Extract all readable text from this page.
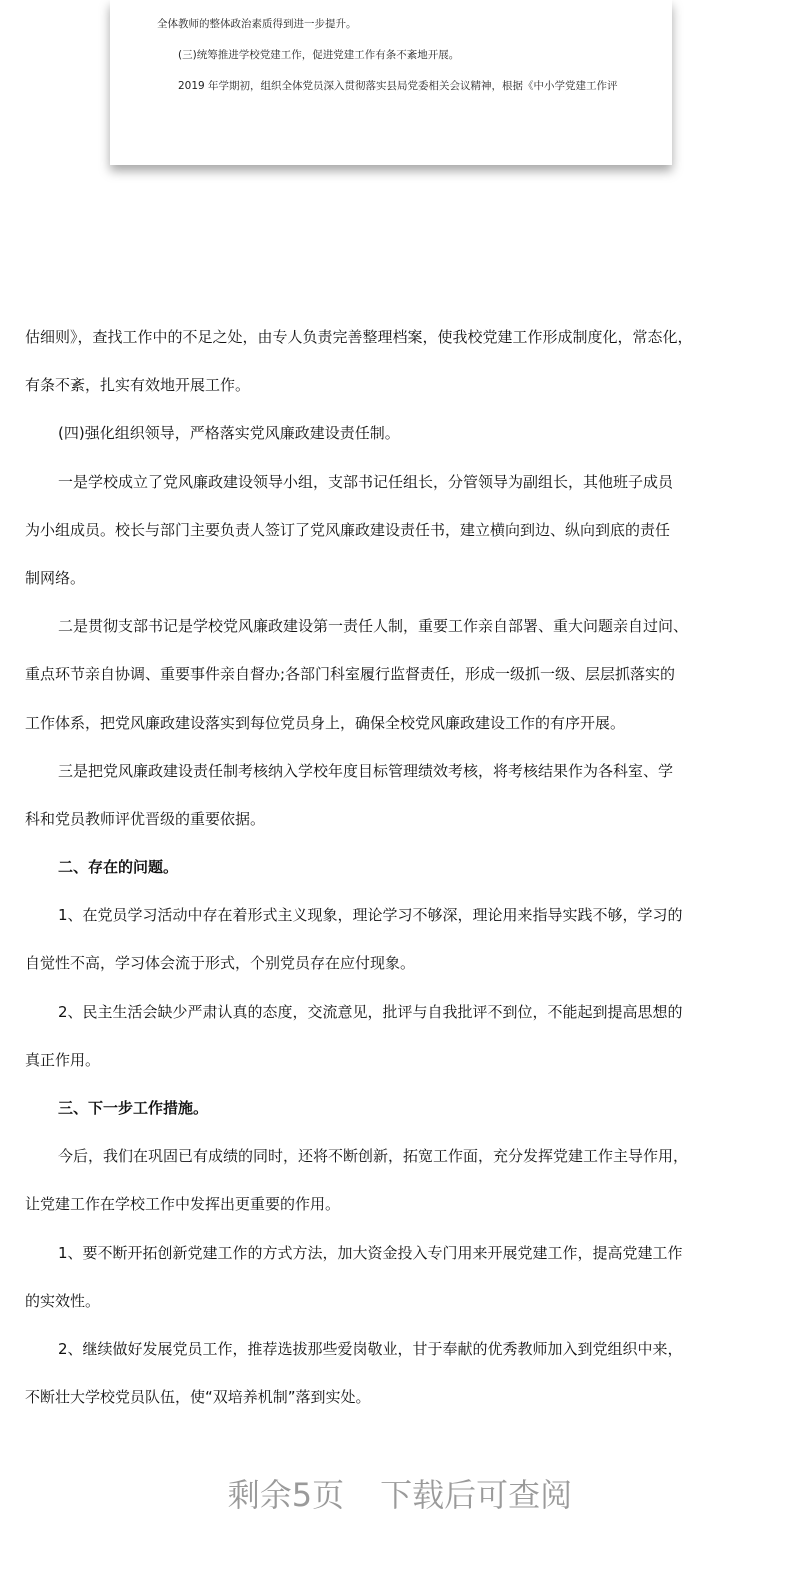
全体教师的整体政治素质得到进一步提升。

(三)统筹推进学校党建工作，促进党建工作有条不紊地开展。

2019 年学期初，组织全体党员深入贯彻落实县局党委相关会议精神，根据《中小学党建工作评

估细则》，查找工作中的不足之处，由专人负责完善整理档案，使我校党建工作形成制度化，常态化，
有条不紊，扎实有效地开展工作。
(四)强化组织领导，严格落实党风廉政建设责任制。
一是学校成立了党风廉政建设领导小组，支部书记任组长，分管领导为副组长，其他班子成员
为小组成员。校长与部门主要负责人签订了党风廉政建设责任书，建立横向到边、纵向到底的责任
制网络。
二是贯彻支部书记是学校党风廉政建设第一责任人制，重要工作亲自部署、重大问题亲自过问、
重点环节亲自协调、重要事件亲自督办;各部门科室履行监督责任，形成一级抓一级、层层抓落实的
工作体系，把党风廉政建设落实到每位党员身上，确保全校党风廉政建设工作的有序开展。
三是把党风廉政建设责任制考核纳入学校年度目标管理绩效考核，将考核结果作为各科室、学
科和党员教师评优晋级的重要依据。
二、存在的问题。
1、在党员学习活动中存在着形式主义现象，理论学习不够深，理论用来指导实践不够，学习的
自觉性不高，学习体会流于形式，个别党员存在应付现象。
2、民主生活会缺少严肃认真的态度，交流意见，批评与自我批评不到位，不能起到提高思想的
真正作用。
三、下一步工作措施。
今后，我们在巩固已有成绩的同时，还将不断创新，拓宽工作面，充分发挥党建工作主导作用，
让党建工作在学校工作中发挥出更重要的作用。
1、要不断开拓创新党建工作的方式方法，加大资金投入专门用来开展党建工作，提高党建工作
的实效性。
2、继续做好发展党员工作，推荐选拔那些爱岗敬业，甘于奉献的优秀教师加入到党组织中来，
不断壮大学校党员队伍，使“双培养机制”落到实处。
剩余5页 下载后可查阅
